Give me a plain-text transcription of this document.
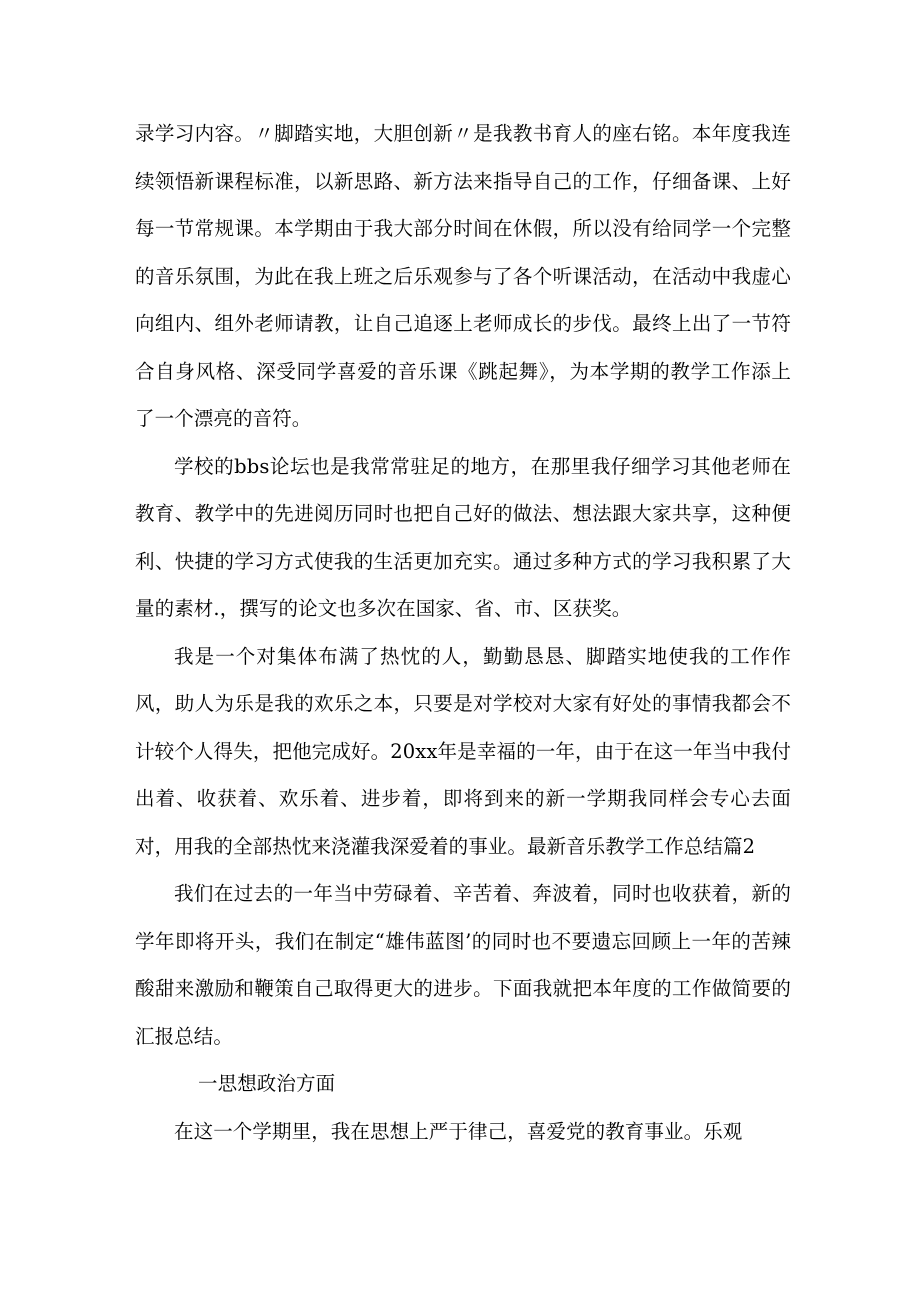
录学习内容。〃脚踏实地，大胆创新〃是我教书育人的座右铭。本年度我连续领悟新课程标准，以新思路、新方法来指导自己的工作，仔细备课、上好每一节常规课。本学期由于我大部分时间在休假，所以没有给同学一个完整的音乐氛围，为此在我上班之后乐观参与了各个听课活动，在活动中我虚心向组内、组外老师请教，让自己追逐上老师成长的步伐。最终上出了一节符合自身风格、深受同学喜爱的音乐课《跳起舞》，为本学期的教学工作添上了一个漂亮的音符。

学校的bbs论坛也是我常常驻足的地方，在那里我仔细学习其他老师在教育、教学中的先进阅历同时也把自己好的做法、想法跟大家共享，这种便利、快捷的学习方式使我的生活更加充实。通过多种方式的学习我积累了大量的素材.，撰写的论文也多次在国家、省、市、区获奖。

我是一个对集体布满了热忱的人，勤勤恳恳、脚踏实地使我的工作作风，助人为乐是我的欢乐之本，只要是对学校对大家有好处的事情我都会不计较个人得失，把他完成好。20xx年是幸福的一年，由于在这一年当中我付出着、收获着、欢乐着、进步着，即将到来的新一学期我同样会专心去面对，用我的全部热忱来浇灌我深爱着的事业。最新音乐教学工作总结篇2

我们在过去的一年当中劳碌着、辛苦着、奔波着，同时也收获着，新的学年即将开头，我们在制定“雄伟蓝图’的同时也不要遗忘回顾上一年的苦辣酸甜来激励和鞭策自己取得更大的进步。下面我就把本年度的工作做简要的汇报总结。

一思想政治方面

在这一个学期里，我在思想上严于律己，喜爱党的教育事业。乐观
